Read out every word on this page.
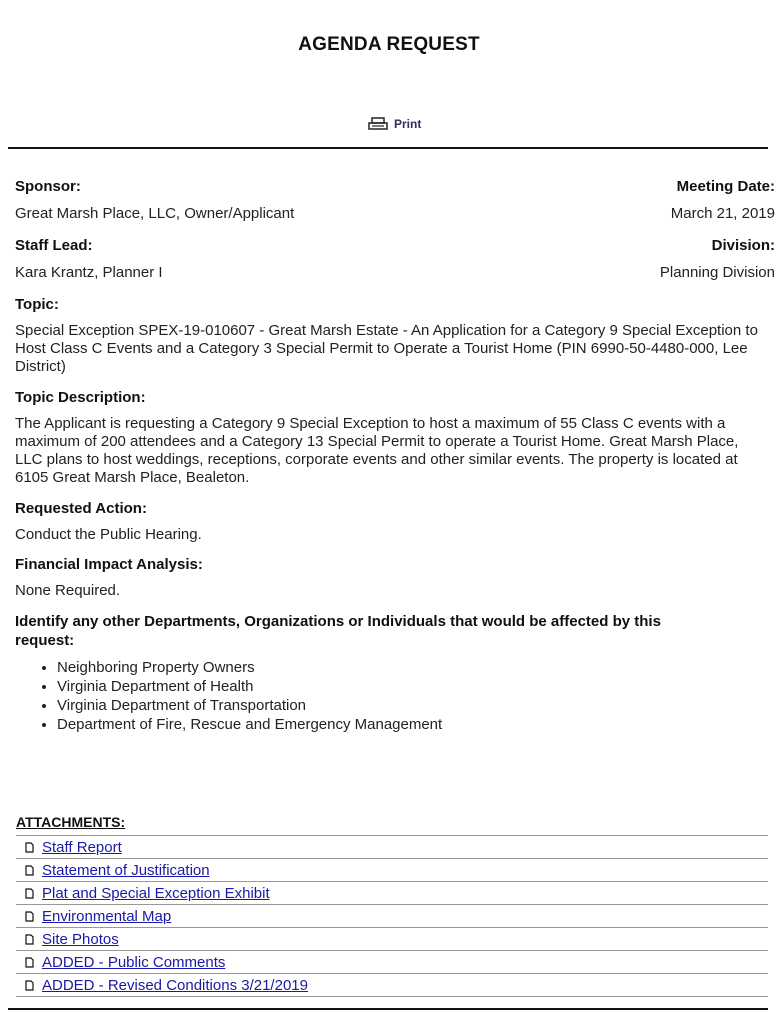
AGENDA REQUEST
Print
Sponsor:	Meeting Date:
Great Marsh Place, LLC, Owner/Applicant	March 21, 2019
Staff Lead:	Division:
Kara Krantz, Planner I	Planning Division
Topic:
Special Exception SPEX-19-010607 - Great Marsh Estate - An Application for a Category 9 Special Exception to Host Class C Events and a Category 3 Special Permit to Operate a Tourist Home (PIN 6990-50-4480-000, Lee District)
Topic Description:
The Applicant is requesting a Category 9 Special Exception to host a maximum of 55 Class C events with a maximum of 200 attendees and a Category 13 Special Permit to operate a Tourist Home. Great Marsh Place, LLC plans to host weddings, receptions, corporate events and other similar events. The property is located at 6105 Great Marsh Place, Bealeton.
Requested Action:
Conduct the Public Hearing.
Financial Impact Analysis:
None Required.
Identify any other Departments, Organizations or Individuals that would be affected by this request:
• Neighboring Property Owners
• Virginia Department of Health
• Virginia Department of Transportation
• Department of Fire, Rescue and Emergency Management
ATTACHMENTS:
Staff Report
Statement of Justification
Plat and Special Exception Exhibit
Environmental Map
Site Photos
ADDED - Public Comments
ADDED - Revised Conditions 3/21/2019
